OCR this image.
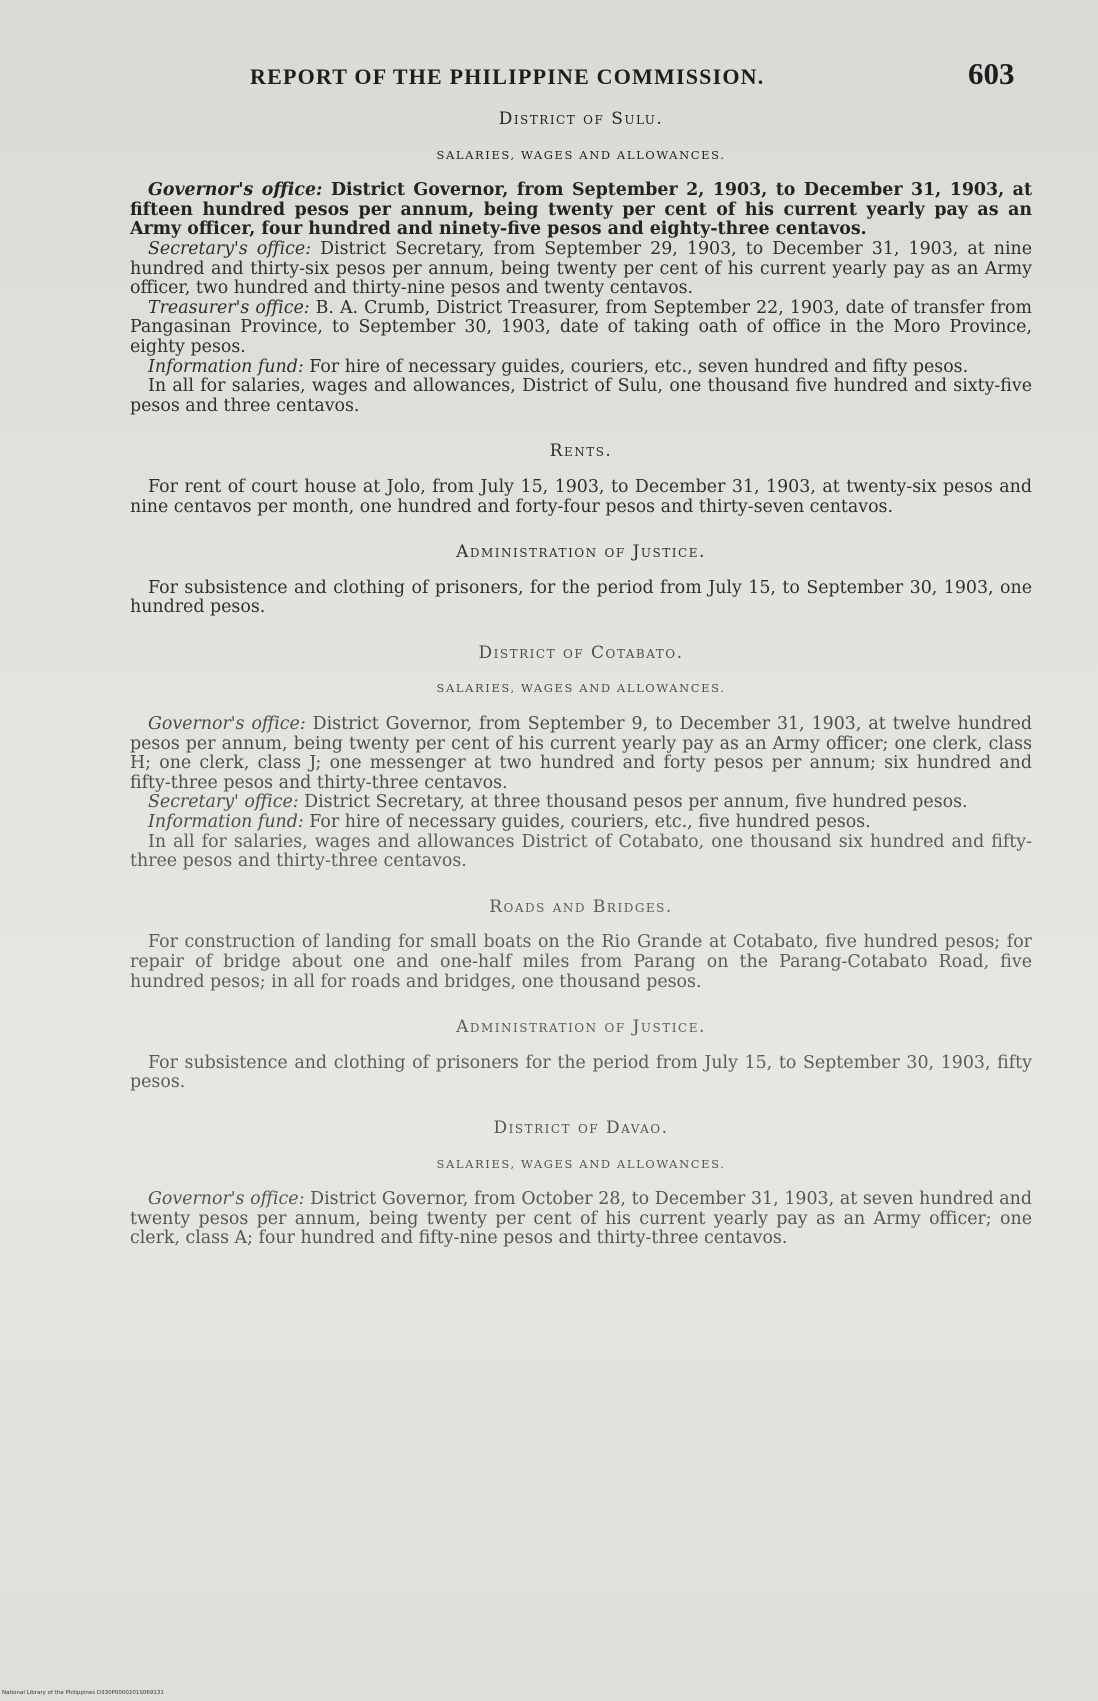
REPORT OF THE PHILIPPINE COMMISSION.	603
District of Sulu.
SALARIES, WAGES AND ALLOWANCES.

Governor's office: District Governor, from September 2, 1903, to December 31, 1903, at fifteen hundred pesos per annum, being twenty per cent of his current yearly pay as an Army officer, four hundred and ninety-five pesos and eighty-three centavos.

Secretary's office: District Secretary, from September 29, 1903, to December 31, 1903, at nine hundred and thirty-six pesos per annum, being twenty per cent of his current yearly pay as an Army officer, two hundred and thirty-nine pesos and twenty centavos.

Treasurer's office: B. A. Crumb, District Treasurer, from September 22, 1903, date of transfer from Pangasinan Province, to September 30, 1903, date of taking oath of office in the Moro Province, eighty pesos.

Information fund: For hire of necessary guides, couriers, etc., seven hundred and fifty pesos.

In all for salaries, wages and allowances, District of Sulu, one thousand five hundred and sixty-five pesos and three centavos.

Rents.

For rent of court house at Jolo, from July 15, 1903, to December 31, 1903, at twenty-six pesos and nine centavos per month, one hundred and forty-four pesos and thirty-seven centavos.

Administration of Justice.

For subsistence and clothing of prisoners, for the period from July 15, to September 30, 1903, one hundred pesos.

District of Cotabato.
SALARIES, WAGES AND ALLOWANCES.

Governor's office: District Governor, from September 9, to December 31, 1903, at twelve hundred pesos per annum, being twenty per cent of his current yearly pay as an Army officer; one clerk, class H; one clerk, class J; one messenger at two hundred and forty pesos per annum; six hundred and fifty-three pesos and thirty-three centavos.

Secretary' office: District Secretary, at three thousand pesos per annum, five hundred pesos.

Information fund: For hire of necessary guides, couriers, etc., five hundred pesos.

In all for salaries, wages and allowances District of Cotabato, one thousand six hundred and fifty-three pesos and thirty-three centavos.

Roads and Bridges.

For construction of landing for small boats on the Rio Grande at Cotabato, five hundred pesos; for repair of bridge about one and one-half miles from Parang on the Parang-Cotabato Road, five hundred pesos; in all for roads and bridges, one thousand pesos.

Administration of Justice.

For subsistence and clothing of prisoners for the period from July 15, to September 30, 1903, fifty pesos.

District of Davao.
SALARIES, WAGES AND ALLOWANCES.

Governor's office: District Governor, from October 28, to December 31, 1903, at seven hundred and twenty pesos per annum, being twenty per cent of his current yearly pay as an Army officer; one clerk, class A; four hundred and fifty-nine pesos and thirty-three centavos.

National Library of the Philippines D330P0000201S069131
